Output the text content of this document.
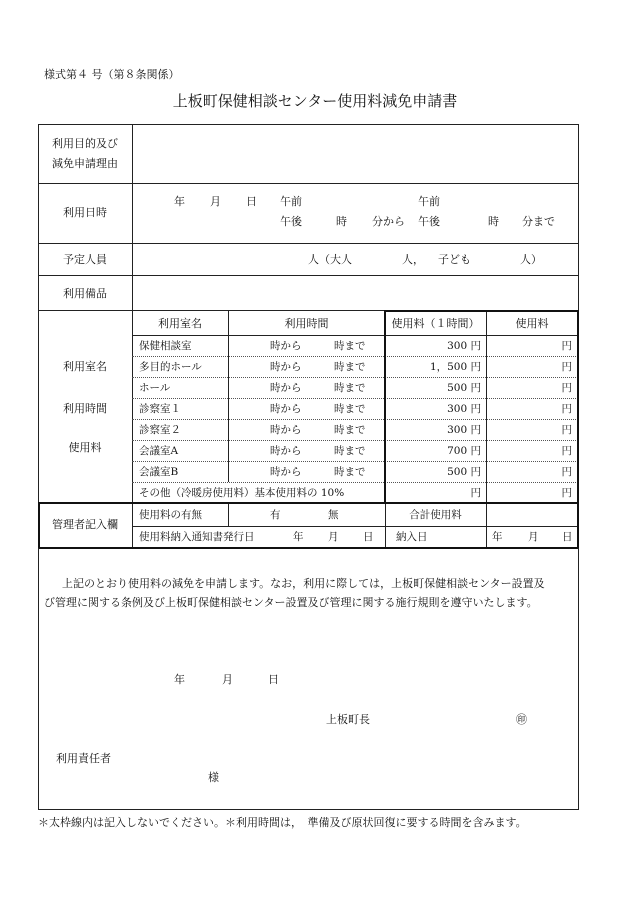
様式第４ 号（第８条関係）
上板町保健相談センター使用料減免申請書
利用目的及び
減免申請理由
利用日時
年 月 日 午前
午後	時 分から
午前
午後	時 分まで
予定人員	人（大人	人， 子ども	人）
利用備品
利用室名
利用時間
使用料
利用室名	利用時間	使用料（１時間）	使用料
保健相談室	時から	時まで	300 円	円
多目的ホール	時から	時まで	1，500 円	円
ホール	時から	時まで	500 円	円
診察室１	時から	時まで	300 円	円
診察室２	時から	時まで	300 円	円
会議室A	時から	時まで	700 円	円
会議室B	時から	時まで	500 円	円
その他（冷暖房使用料）基本使用料の 10%	円	円
管理者記入欄
使用料の有無	有	無	合計使用料
使用料納入通知書発行日	年 月 日 納入日	年 月 日
上記のとおり使用料の減免を申請します。なお，利用に際しては，上板町保健相談センター設置及
び管理に関する条例及び上板町保健相談センター設置及び管理に関する施行規則を遵守いたします。
年	月	日
上板町長	㊞
利用責任者
様
＊太枠線内は記入しないでください。＊利用時間は，　準備及び原状回復に要する時間を含みます。
